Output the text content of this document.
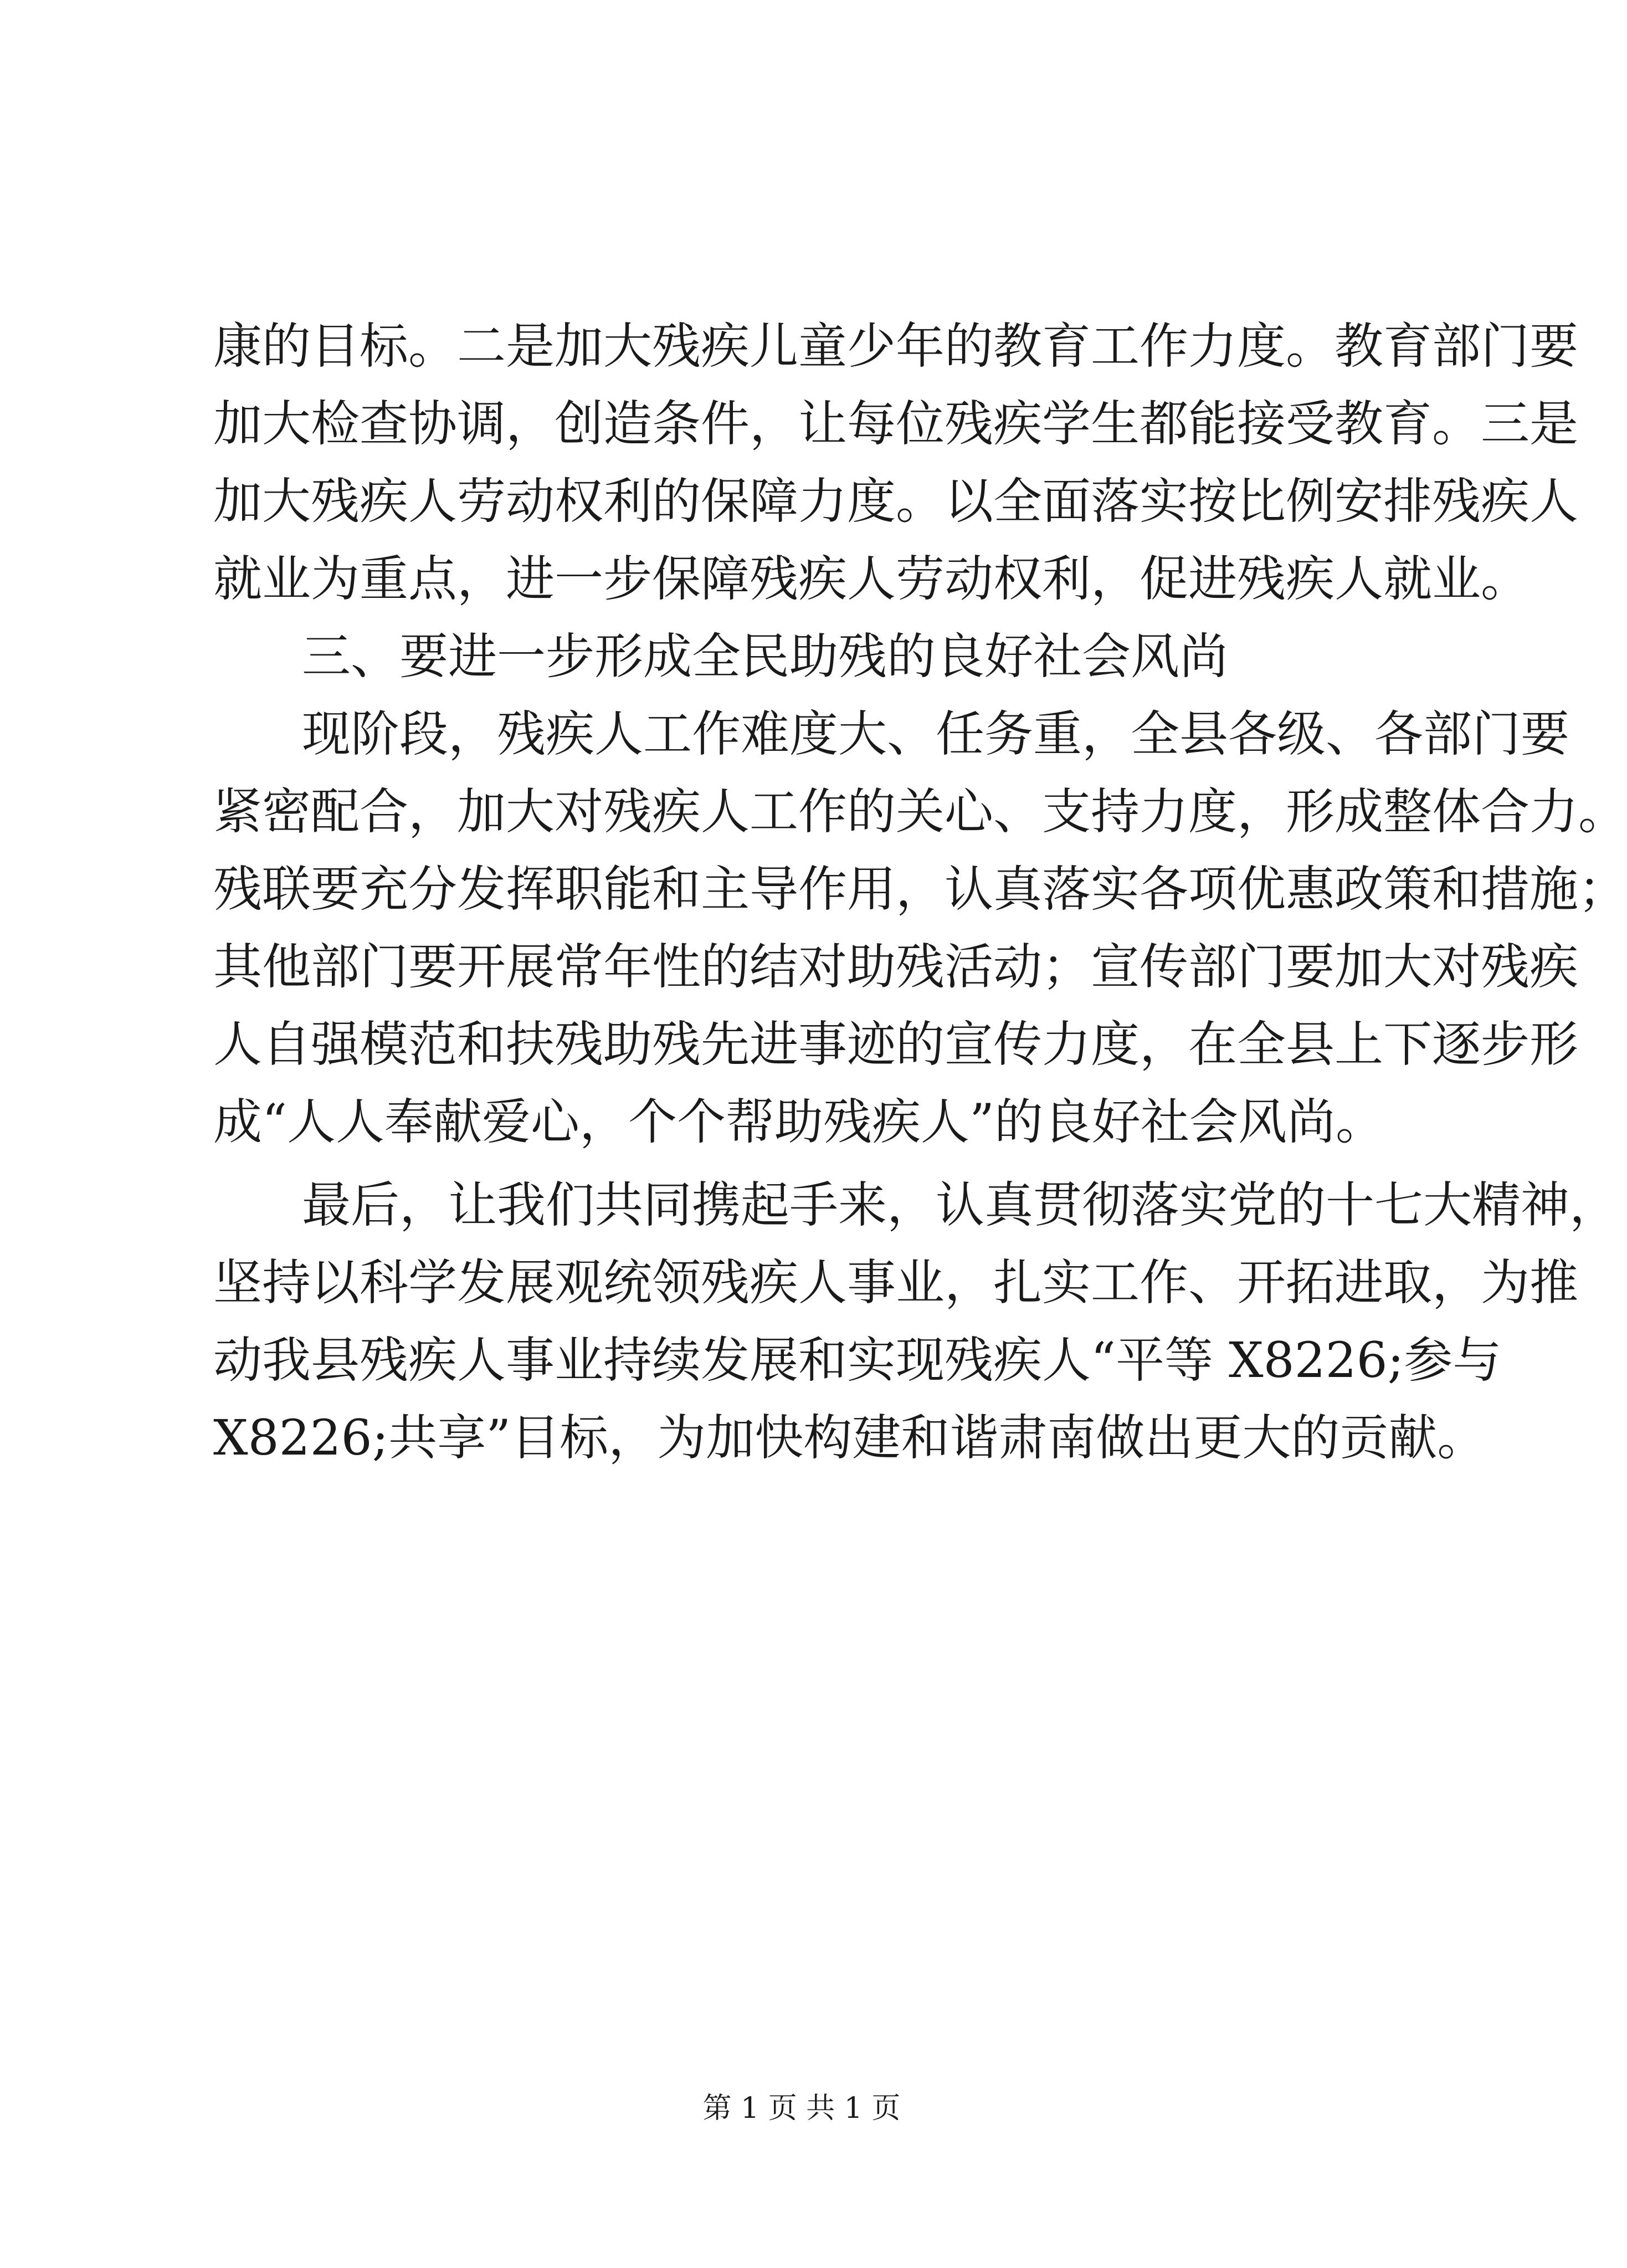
康的目标。二是加大残疾儿童少年的教育工作力度。教育部门要
加大检查协调，创造条件，让每位残疾学生都能接受教育。三是
加大残疾人劳动权利的保障力度。以全面落实按比例安排残疾人
就业为重点，进一步保障残疾人劳动权利，促进残疾人就业。
三、要进一步形成全民助残的良好社会风尚
现阶段，残疾人工作难度大、任务重，全县各级、各部门要
紧密配合，加大对残疾人工作的关心、支持力度，形成整体合力。
残联要充分发挥职能和主导作用，认真落实各项优惠政策和措施；
其他部门要开展常年性的结对助残活动；宣传部门要加大对残疾
人自强模范和扶残助残先进事迹的宣传力度，在全县上下逐步形
成“人人奉献爱心，个个帮助残疾人”的良好社会风尚。
最后，让我们共同携起手来，认真贯彻落实党的十七大精神，
坚持以科学发展观统领残疾人事业，扎实工作、开拓进取，为推
动我县残疾人事业持续发展和实现残疾人“平等 X8226;参与
X8226;共享”目标，为加快构建和谐肃南做出更大的贡献。
第 1 页 共 1 页
